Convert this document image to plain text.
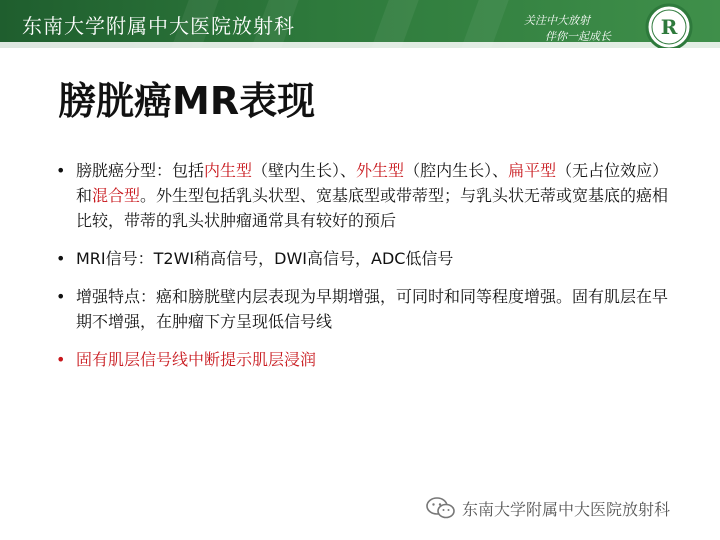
东南大学附属中大医院放射科	关注中大放射
伴你一起成长 R
膀胱癌MR表现
• 膀胱癌分型：包括内生型（壁内生长）、外生型（腔内生长）、扁平型（无占位效应）和混合型。外生型包括乳头状型、宽基底型或带蒂型；与乳头状无蒂或宽基底的癌相比较，带蒂的乳头状肿瘤通常具有较好的预后
• MRI信号：T2WI稍高信号，DWI高信号，ADC低信号
• 增强特点：癌和膀胱壁内层表现为早期增强，可同时和同等程度增强。固有肌层在早期不增强，在肿瘤下方呈现低信号线
• 固有肌层信号线中断提示肌层浸润
东南大学附属中大医院放射科
